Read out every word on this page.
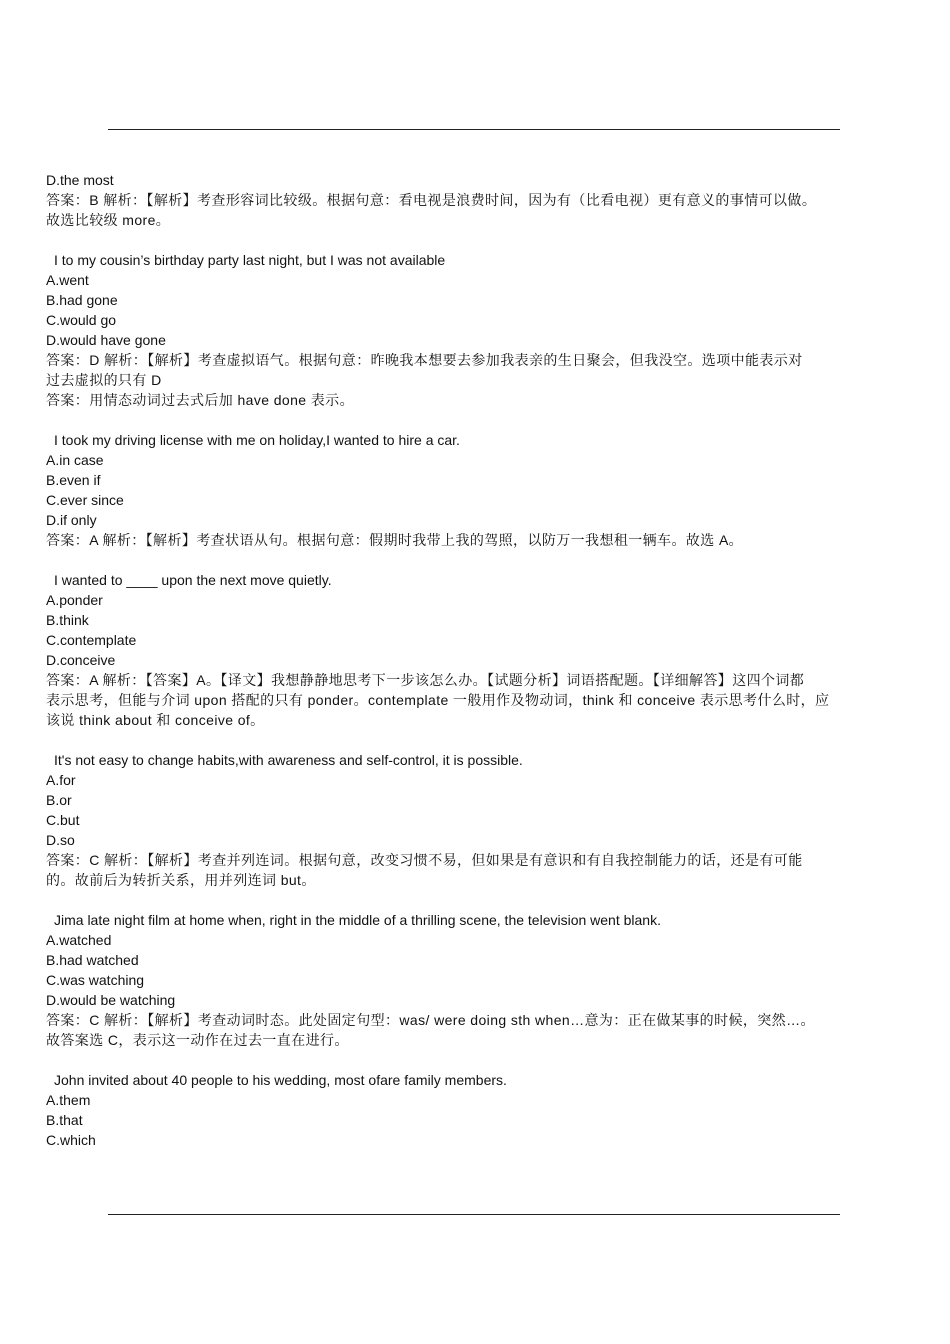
D.the most

答案：B 解析：【解析】考查形容词比较级。根据句意：看电视是浪费时间，因为有（比看电视）更有意义的事情可以做。

故选比较级 more。

I to my cousin’s birthday party last night, but I was not available

A.went

B.had gone

C.would go

D.would have gone

答案：D 解析：【解析】考查虚拟语气。根据句意：昨晚我本想要去参加我表亲的生日聚会，但我没空。选项中能表示对

过去虚拟的只有 D

答案：用情态动词过去式后加 have done 表示。

I took my driving license with me on holiday,I wanted to hire a car.

A.in case

B.even if

C.ever since

D.if only

答案：A 解析：【解析】考查状语从句。根据句意：假期时我带上我的驾照，以防万一我想租一辆车。故选 A。

I wanted to ____ upon the next move quietly.

A.ponder

B.think

C.contemplate

D.conceive

答案：A 解析：【答案】A。【译文】我想静静地思考下一步该怎么办。【试题分析】词语搭配题。【详细解答】这四个词都

表示思考，但能与介词 upon 搭配的只有 ponder。contemplate 一般用作及物动词，think 和 conceive 表示思考什么时，应

该说 think about 和 conceive of。

It's not easy to change habits,with awareness and self-control, it is possible.

A.for

B.or

C.but

D.so

答案：C 解析：【解析】考查并列连词。根据句意，改变习惯不易，但如果是有意识和有自我控制能力的话，还是有可能

的。故前后为转折关系，用并列连词 but。

Jima late night film at home when, right in the middle of a thrilling scene, the television went blank.

A.watched

B.had watched

C.was watching

D.would be watching

答案：C 解析：【解析】考查动词时态。此处固定句型：was/ were doing sth when…意为：正在做某事的时候，突然…。

故答案选 C，表示这一动作在过去一直在进行。

John invited about 40 people to his wedding, most ofare family members.

A.them

B.that

C.which
